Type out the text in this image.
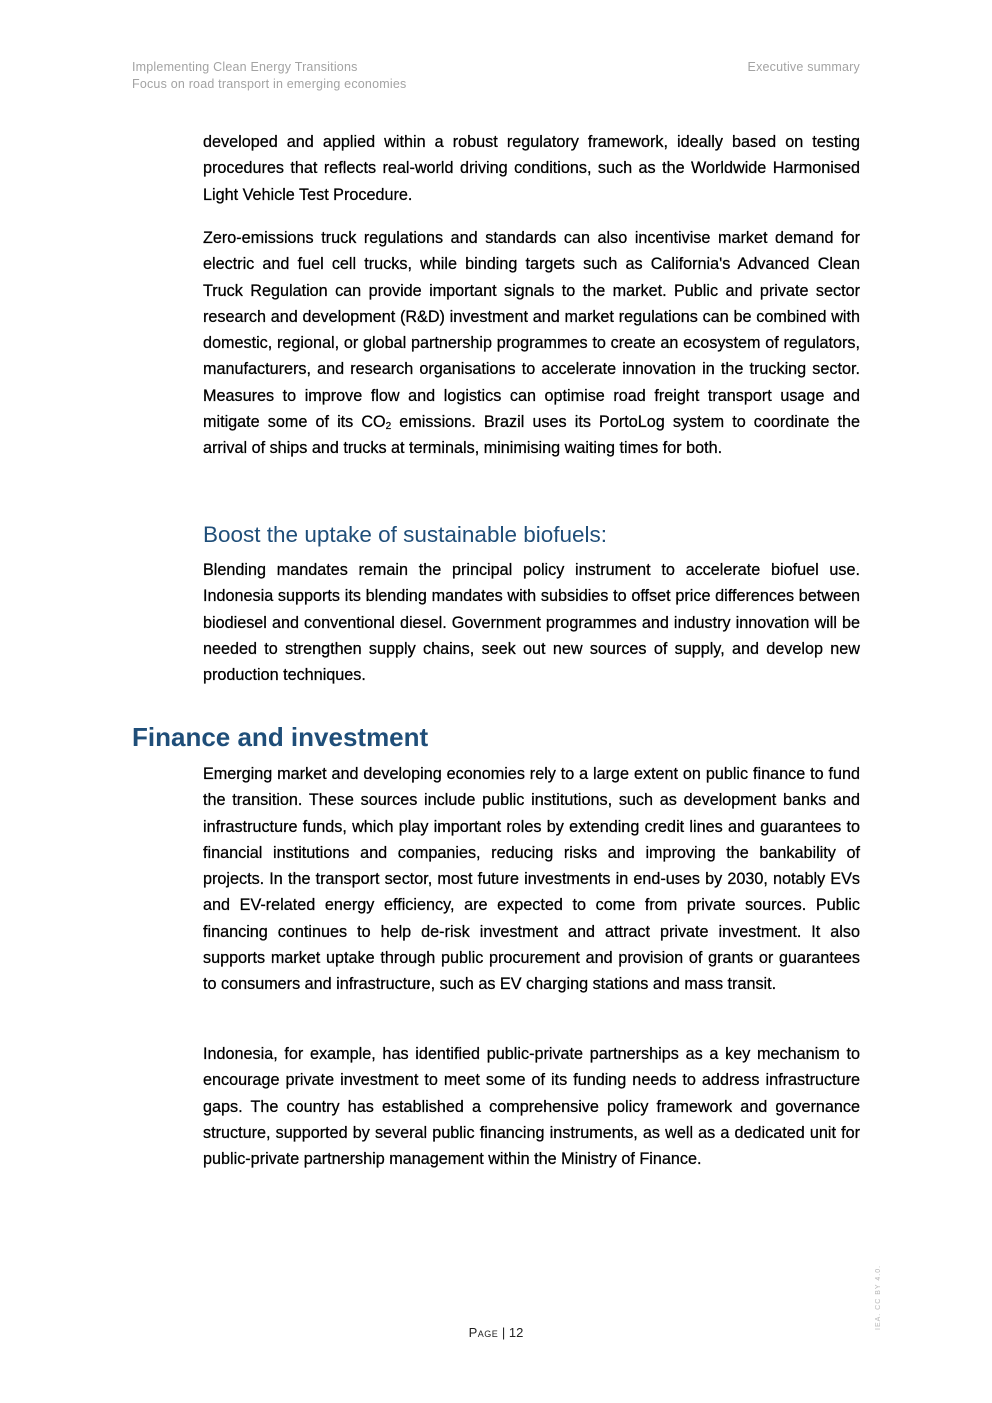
Implementing Clean Energy Transitions
Focus on road transport in emerging economies
Executive summary

developed and applied within a robust regulatory framework, ideally based on testing procedures that reflects real-world driving conditions, such as the Worldwide Harmonised Light Vehicle Test Procedure.

Zero-emissions truck regulations and standards can also incentivise market demand for electric and fuel cell trucks, while binding targets such as California's Advanced Clean Truck Regulation can provide important signals to the market. Public and private sector research and development (R&D) investment and market regulations can be combined with domestic, regional, or global partnership programmes to create an ecosystem of regulators, manufacturers, and research organisations to accelerate innovation in the trucking sector. Measures to improve flow and logistics can optimise road freight transport usage and mitigate some of its $CO_2$ emissions. Brazil uses its PortoLog system to coordinate the arrival of ships and trucks at terminals, minimising waiting times for both.

Boost the uptake of sustainable biofuels:

Blending mandates remain the principal policy instrument to accelerate biofuel use. Indonesia supports its blending mandates with subsidies to offset price differences between biodiesel and conventional diesel. Government programmes and industry innovation will be needed to strengthen supply chains, seek out new sources of supply, and develop new production techniques.

Finance and investment

Emerging market and developing economies rely to a large extent on public finance to fund the transition. These sources include public institutions, such as development banks and infrastructure funds, which play important roles by extending credit lines and guarantees to financial institutions and companies, reducing risks and improving the bankability of projects. In the transport sector, most future investments in end-uses by 2030, notably EVs and EV-related energy efficiency, are expected to come from private sources. Public financing continues to help de-risk investment and attract private investment. It also supports market uptake through public procurement and provision of grants or guarantees to consumers and infrastructure, such as EV charging stations and mass transit.

Indonesia, for example, has identified public-private partnerships as a key mechanism to encourage private investment to meet some of its funding needs to address infrastructure gaps. The country has established a comprehensive policy framework and governance structure, supported by several public financing instruments, as well as a dedicated unit for public-private partnership management within the Ministry of Finance.

Page | 12
IEA. CC BY 4.0.
